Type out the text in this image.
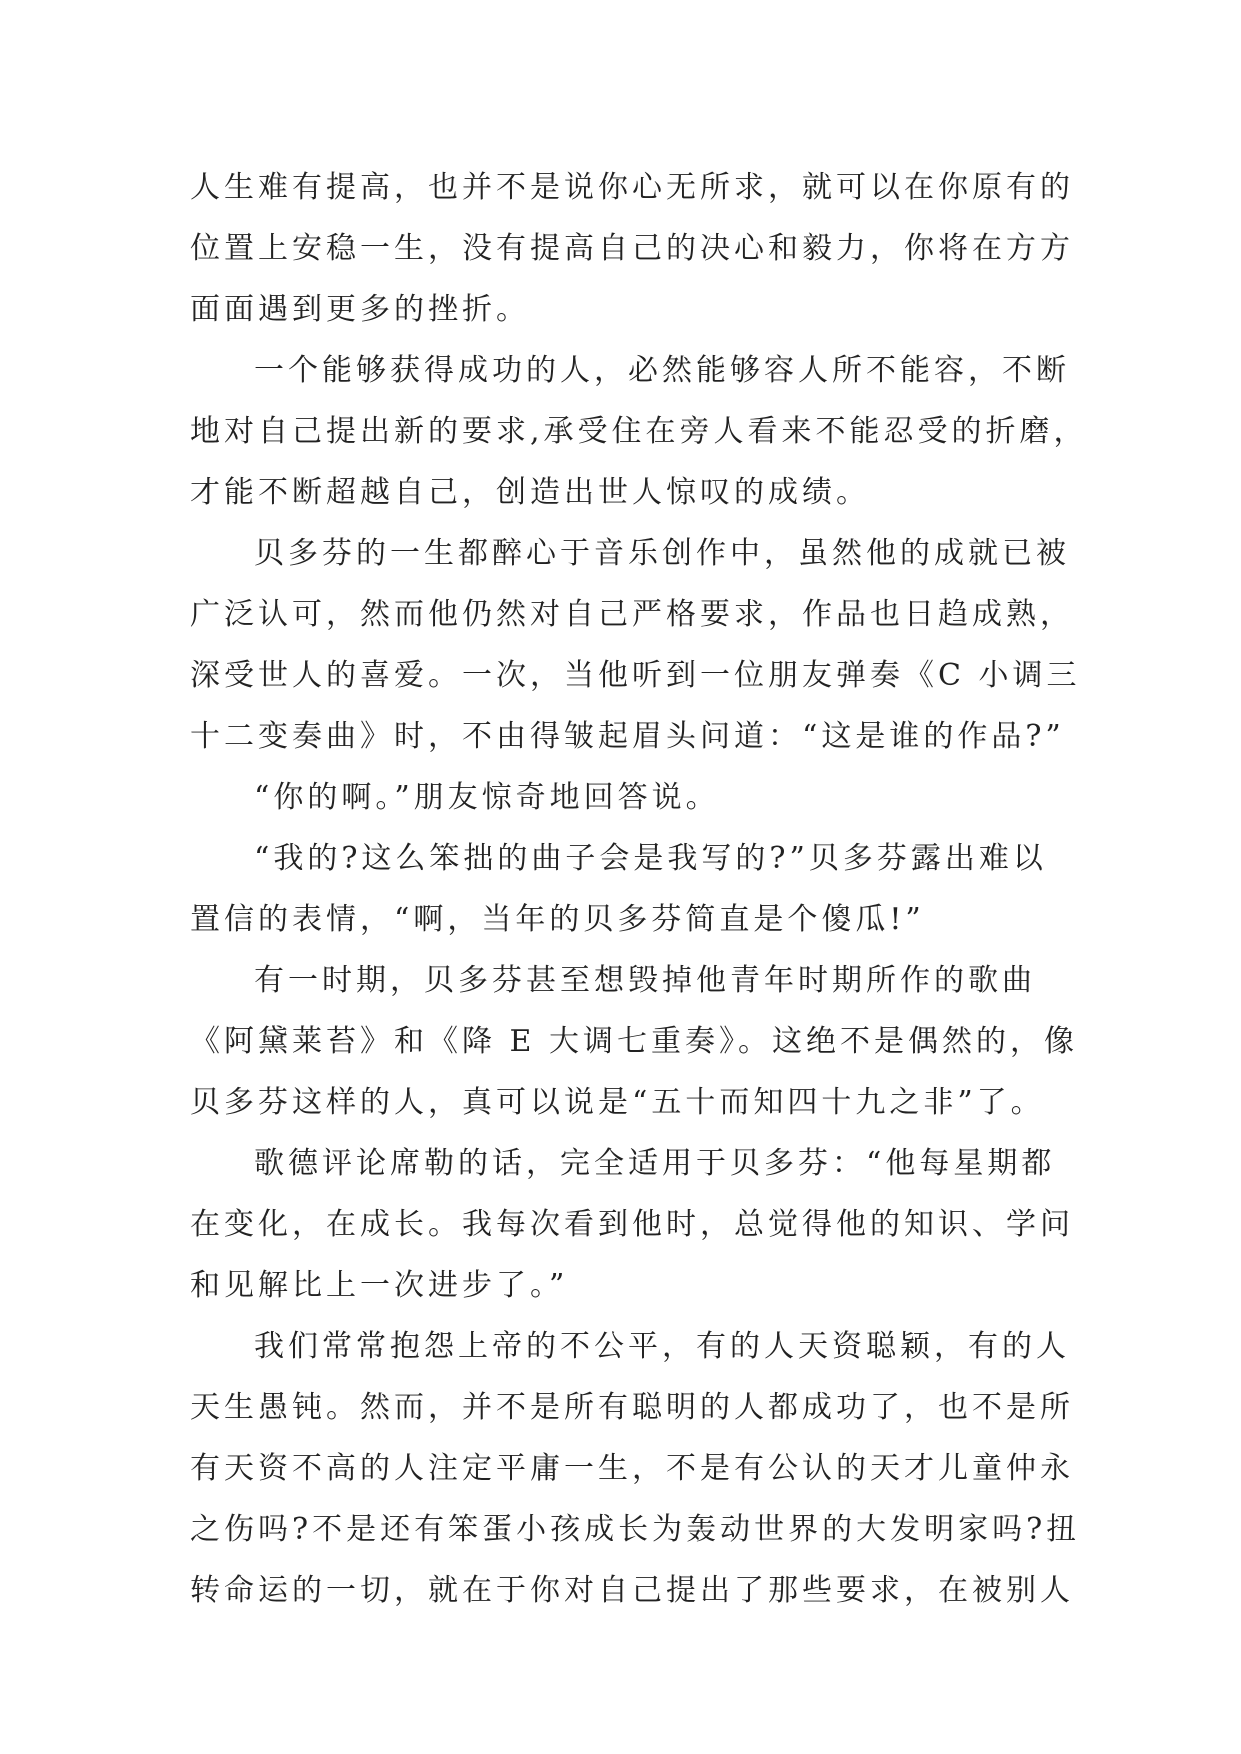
人生难有提高，也并不是说你心无所求，就可以在你原有的
位置上安稳一生，没有提高自己的决心和毅力，你将在方方
面面遇到更多的挫折。
一个能够获得成功的人，必然能够容人所不能容，不断
地对自己提出新的要求,承受住在旁人看来不能忍受的折磨，
才能不断超越自己，创造出世人惊叹的成绩。
贝多芬的一生都醉心于音乐创作中，虽然他的成就已被
广泛认可，然而他仍然对自己严格要求，作品也日趋成熟，
深受世人的喜爱。一次，当他听到一位朋友弹奏《C 小调三
十二变奏曲》时，不由得皱起眉头问道：“这是谁的作品?”
“你的啊。”朋友惊奇地回答说。
“我的?这么笨拙的曲子会是我写的?”贝多芬露出难以
置信的表情，“啊，当年的贝多芬简直是个傻瓜!”
有一时期，贝多芬甚至想毁掉他青年时期所作的歌曲
《阿黛莱苔》和《降 E 大调七重奏》。这绝不是偶然的，像
贝多芬这样的人，真可以说是“五十而知四十九之非”了。
歌德评论席勒的话，完全适用于贝多芬：“他每星期都
在变化，在成长。我每次看到他时，总觉得他的知识、学问
和见解比上一次进步了。”
我们常常抱怨上帝的不公平，有的人天资聪颖，有的人
天生愚钝。然而，并不是所有聪明的人都成功了，也不是所
有天资不高的人注定平庸一生，不是有公认的天才儿童仲永
之伤吗?不是还有笨蛋小孩成长为轰动世界的大发明家吗?扭
转命运的一切，就在于你对自己提出了那些要求，在被别人
